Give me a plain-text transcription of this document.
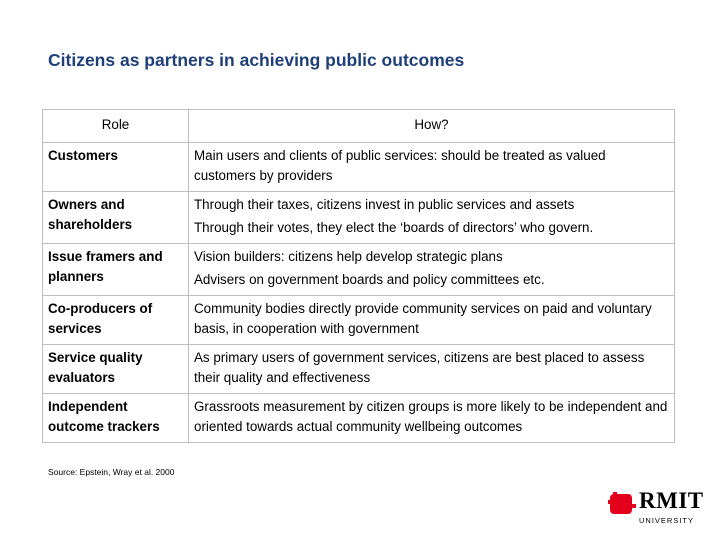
Citizens as partners in achieving public outcomes
Role	How?
Customers	Main users and clients of public services: should be treated as valued customers by providers

Owners and shareholders	Through their taxes, citizens invest in public services and assets
Through their votes, they elect the ‘boards of directors’ who govern.

Issue framers and planners	Vision builders: citizens help develop strategic plans
Advisers on government boards and policy committees etc.

Co-producers of services	Community bodies directly provide community services on paid and voluntary basis, in cooperation with government

Service quality evaluators	As primary users of government services, citizens are best placed to assess their quality and effectiveness

Independent outcome trackers	Grassroots measurement by citizen groups is more likely to be independent and oriented towards actual community wellbeing outcomes
Source: Epstein, Wray et al. 2000
RMIT
UNIVERSITY
